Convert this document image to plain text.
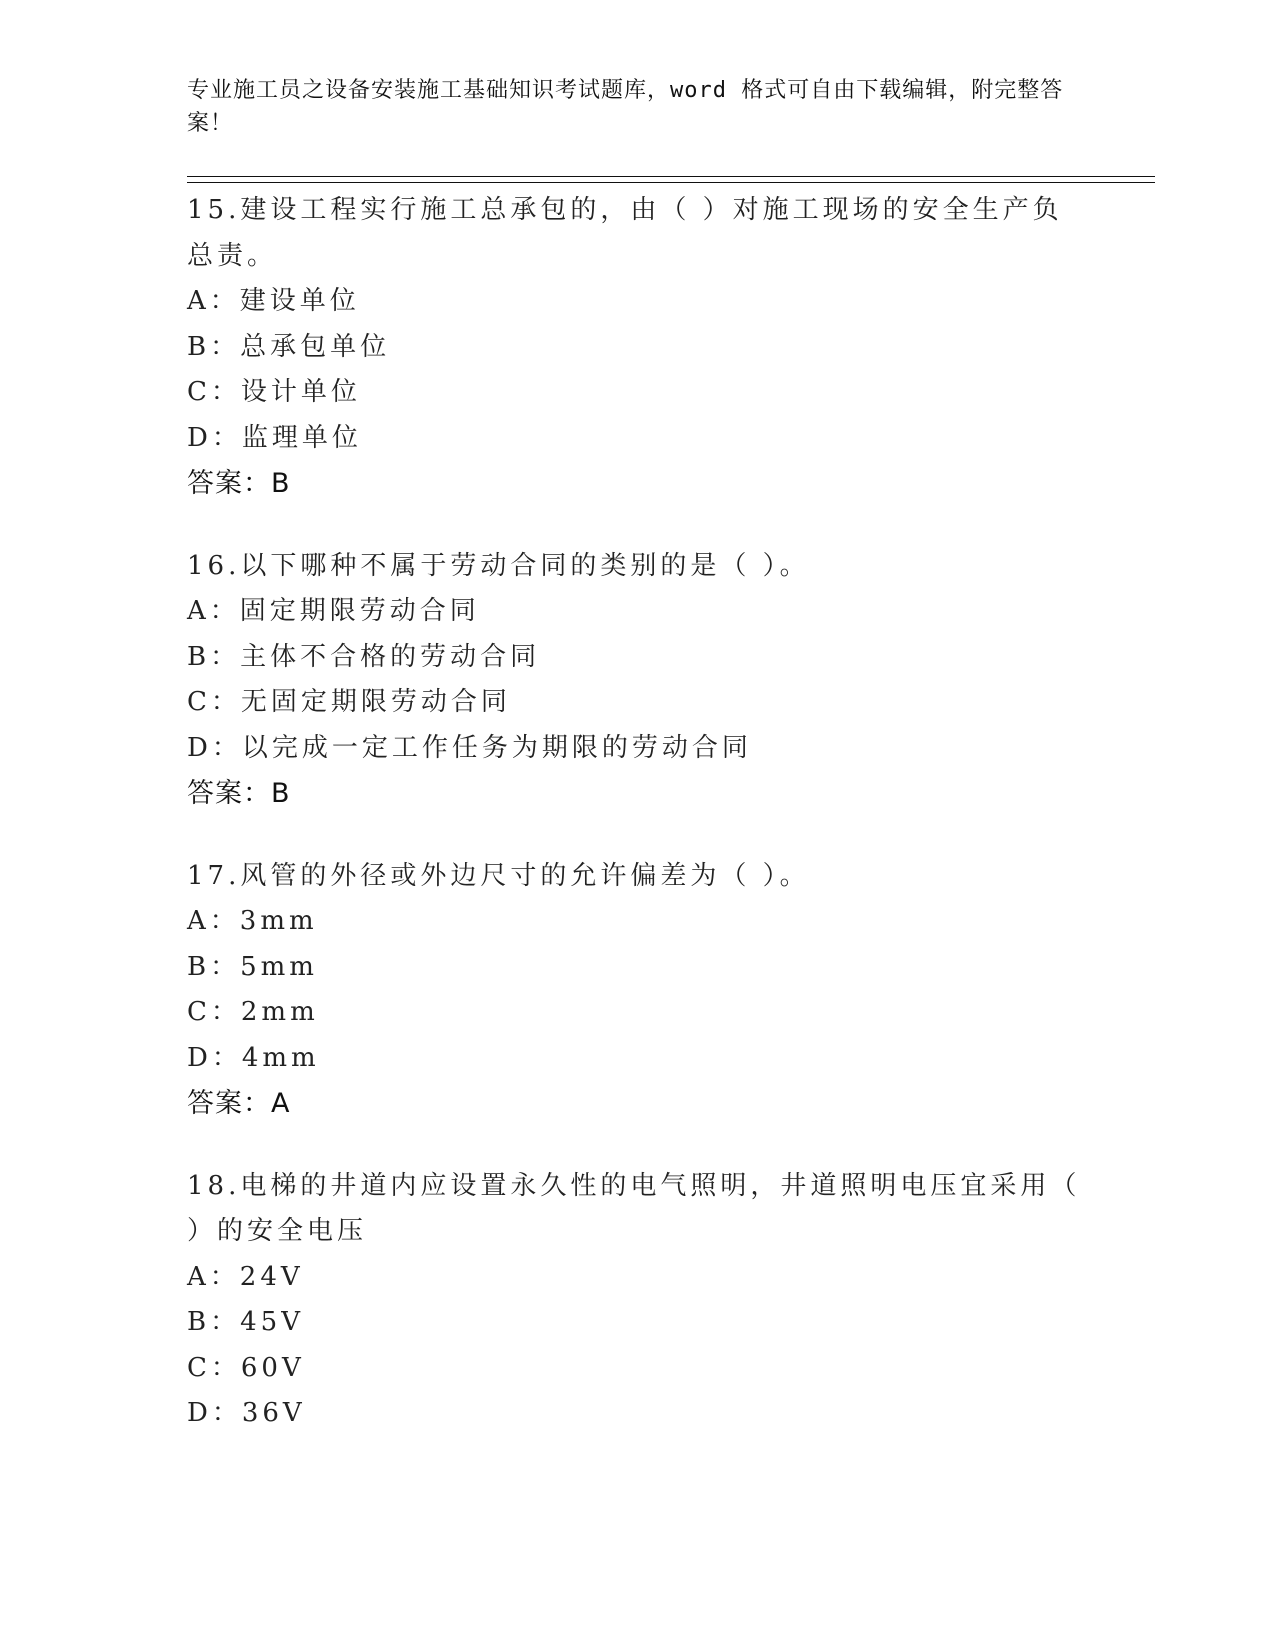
专业施工员之设备安装施工基础知识考试题库，word 格式可自由下载编辑，附完整答案！
15.建设工程实行施工总承包的，由（ ）对施工现场的安全生产负总责。
A：建设单位
B：总承包单位
C：设计单位
D：监理单位
答案：B
16.以下哪种不属于劳动合同的类别的是（ ）。
A：固定期限劳动合同
B：主体不合格的劳动合同
C：无固定期限劳动合同
D：以完成一定工作任务为期限的劳动合同
答案：B
17.风管的外径或外边尺寸的允许偏差为（ ）。
A：3mm
B：5mm
C：2mm
D：4mm
答案：A
18.电梯的井道内应设置永久性的电气照明，井道照明电压宜采用（ ）的安全电压
A：24V
B：45V
C：60V
D：36V
